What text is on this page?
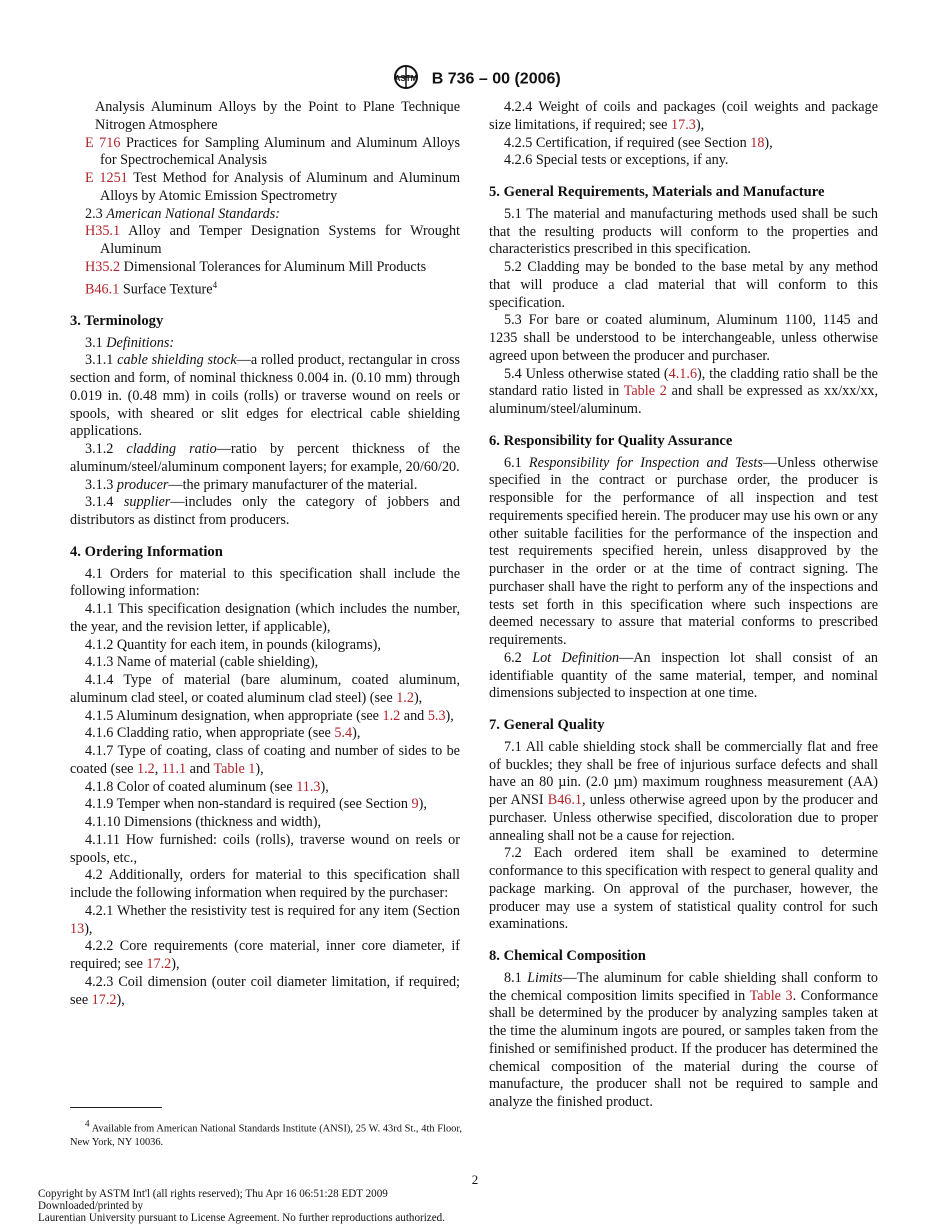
ASTM B 736 – 00 (2006)

Analysis Aluminum Alloys by the Point to Plane Technique Nitrogen Atmosphere

E 716 Practices for Sampling Aluminum and Aluminum Alloys for Spectrochemical Analysis

E 1251 Test Method for Analysis of Aluminum and Aluminum Alloys by Atomic Emission Spectrometry

2.3 American National Standards:

H35.1 Alloy and Temper Designation Systems for Wrought Aluminum

H35.2 Dimensional Tolerances for Aluminum Mill Products

B46.1 Surface Texture$^4$

3. Terminology

3.1 Definitions:

3.1.1 cable shielding stock—a rolled product, rectangular in cross section and form, of nominal thickness 0.004 in. (0.10 mm) through 0.019 in. (0.48 mm) in coils (rolls) or traverse wound on reels or spools, with sheared or slit edges for electrical cable shielding applications.

3.1.2 cladding ratio—ratio by percent thickness of the aluminum/steel/aluminum component layers; for example, 20/60/20.

3.1.3 producer—the primary manufacturer of the material.

3.1.4 supplier—includes only the category of jobbers and distributors as distinct from producers.

4. Ordering Information

4.1 Orders for material to this specification shall include the following information:

4.1.1 This specification designation (which includes the number, the year, and the revision letter, if applicable),

4.1.2 Quantity for each item, in pounds (kilograms),

4.1.3 Name of material (cable shielding),

4.1.4 Type of material (bare aluminum, coated aluminum, aluminum clad steel, or coated aluminum clad steel) (see 1.2),

4.1.5 Aluminum designation, when appropriate (see 1.2 and 5.3),

4.1.6 Cladding ratio, when appropriate (see 5.4),

4.1.7 Type of coating, class of coating and number of sides to be coated (see 1.2, 11.1 and Table 1),

4.1.8 Color of coated aluminum (see 11.3),

4.1.9 Temper when non-standard is required (see Section 9),

4.1.10 Dimensions (thickness and width),

4.1.11 How furnished: coils (rolls), traverse wound on reels or spools, etc.,

4.2 Additionally, orders for material to this specification shall include the following information when required by the purchaser:

4.2.1 Whether the resistivity test is required for any item (Section 13),

4.2.2 Core requirements (core material, inner core diameter, if required; see 17.2),

4.2.3 Coil dimension (outer coil diameter limitation, if required; see 17.2),

$^4$ Available from American National Standards Institute (ANSI), 25 W. 43rd St., 4th Floor, New York, NY 10036.

4.2.4 Weight of coils and packages (coil weights and package size limitations, if required; see 17.3),

4.2.5 Certification, if required (see Section 18),

4.2.6 Special tests or exceptions, if any.

5. General Requirements, Materials and Manufacture

5.1 The material and manufacturing methods used shall be such that the resulting products will conform to the properties and characteristics prescribed in this specification.

5.2 Cladding may be bonded to the base metal by any method that will produce a clad material that will conform to this specification.

5.3 For bare or coated aluminum, Aluminum 1100, 1145 and 1235 shall be understood to be interchangeable, unless otherwise agreed upon between the producer and purchaser.

5.4 Unless otherwise stated (4.1.6), the cladding ratio shall be the standard ratio listed in Table 2 and shall be expressed as xx/xx/xx, aluminum/steel/aluminum.

6. Responsibility for Quality Assurance

6.1 Responsibility for Inspection and Tests—Unless otherwise specified in the contract or purchase order, the producer is responsible for the performance of all inspection and test requirements specified herein. The producer may use his own or any other suitable facilities for the performance of the inspection and test requirements specified herein, unless disapproved by the purchaser in the order or at the time of contract signing. The purchaser shall have the right to perform any of the inspections and tests set forth in this specification where such inspections are deemed necessary to assure that material conforms to prescribed requirements.

6.2 Lot Definition—An inspection lot shall consist of an identifiable quantity of the same material, temper, and nominal dimensions subjected to inspection at one time.

7. General Quality

7.1 All cable shielding stock shall be commercially flat and free of buckles; they shall be free of injurious surface defects and shall have an 80 µin. (2.0 µm) maximum roughness measurement (AA) per ANSI B46.1, unless otherwise agreed upon by the producer and purchaser. Unless otherwise specified, discoloration due to proper annealing shall not be a cause for rejection.

7.2 Each ordered item shall be examined to determine conformance to this specification with respect to general quality and package marking. On approval of the purchaser, however, the producer may use a system of statistical quality control for such examinations.

8. Chemical Composition

8.1 Limits—The aluminum for cable shielding shall conform to the chemical composition limits specified in Table 3. Conformance shall be determined by the producer by analyzing samples taken at the time the aluminum ingots are poured, or samples taken from the finished or semifinished product. If the producer has determined the chemical composition of the material during the course of manufacture, the producer shall not be required to sample and analyze the finished product.

2
Copyright by ASTM Int'l (all rights reserved); Thu Apr 16 06:51:28 EDT 2009
Downloaded/printed by
Laurentian University pursuant to License Agreement. No further reproductions authorized.
